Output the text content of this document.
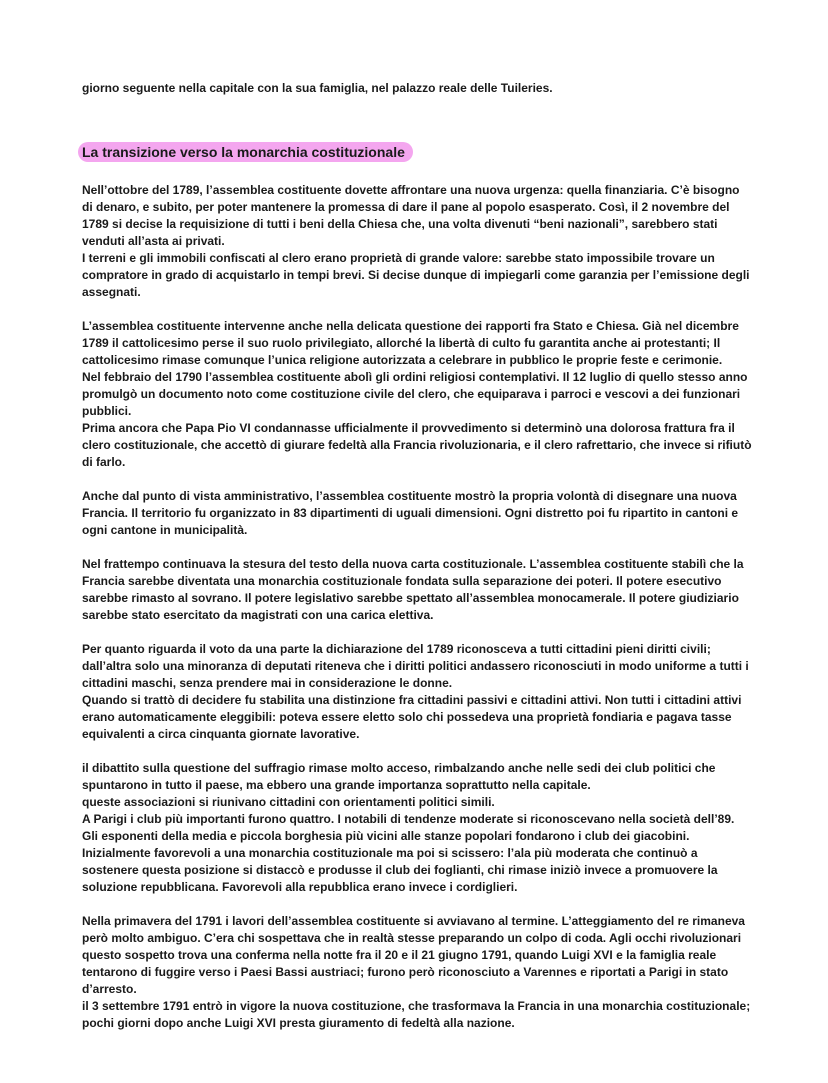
giorno seguente nella capitale con la sua famiglia, nel palazzo reale delle Tuileries.

La transizione verso la monarchia costituzionale
Nell’ottobre del 1789, l’assemblea costituente dovette affrontare una nuova urgenza: quella finanziaria. C’è bisogno di denaro, e subito, per poter mantenere la promessa di dare il pane al popolo esasperato. Così, il 2 novembre del 1789 si decise la requisizione di tutti i beni della Chiesa che, una volta divenuti “beni nazionali”, sarebbero stati venduti all’asta ai privati.
I terreni e gli immobili confiscati al clero erano proprietà di grande valore: sarebbe stato impossibile trovare un compratore in grado di acquistarlo in tempi brevi. Si decise dunque di impiegarli come garanzia per l’emissione degli assegnati.
L’assemblea costituente intervenne anche nella delicata questione dei rapporti fra Stato e Chiesa. Già nel dicembre 1789 il cattolicesimo perse il suo ruolo privilegiato, allorché la libertà di culto fu garantita anche ai protestanti; Il cattolicesimo rimase comunque l’unica religione autorizzata a celebrare in pubblico le proprie feste e cerimonie.
Nel febbraio del 1790 l’assemblea costituente abolì gli ordini religiosi contemplativi. Il 12 luglio di quello stesso anno promulgò un documento noto come costituzione civile del clero, che equiparava i parroci e vescovi a dei funzionari pubblici.
Prima ancora che Papa Pio VI condannasse ufficialmente il provvedimento si determinò una dolorosa frattura fra il clero costituzionale, che accettò di giurare fedeltà alla Francia rivoluzionaria, e il clero rafrettario, che invece si rifiutò di farlo.
Anche dal punto di vista amministrativo, l’assemblea costituente mostrò la propria volontà di disegnare una nuova Francia. Il territorio fu organizzato in 83 dipartimenti di uguali dimensioni. Ogni distretto poi fu ripartito in cantoni e ogni cantone in municipalità.
Nel frattempo continuava la stesura del testo della nuova carta costituzionale. L’assemblea costituente stabilì che la Francia sarebbe diventata una monarchia costituzionale fondata sulla separazione dei poteri. Il potere esecutivo sarebbe rimasto al sovrano. Il potere legislativo sarebbe spettato all’assemblea monocamerale. Il potere giudiziario sarebbe stato esercitato da magistrati con una carica elettiva.
Per quanto riguarda il voto da una parte la dichiarazione del 1789 riconosceva a tutti cittadini pieni diritti civili; dall’altra solo una minoranza di deputati riteneva che i diritti politici andassero riconosciuti in modo uniforme a tutti i cittadini maschi, senza prendere mai in considerazione le donne.
Quando si trattò di decidere fu stabilita una distinzione fra cittadini passivi e cittadini attivi. Non tutti i cittadini attivi erano automaticamente eleggibili: poteva essere eletto solo chi possedeva una proprietà fondiaria e pagava tasse equivalenti a circa cinquanta giornate lavorative.
il dibattito sulla questione del suffragio rimase molto acceso, rimbalzando anche nelle sedi dei club politici che spuntarono in tutto il paese, ma ebbero una grande importanza soprattutto nella capitale.
queste associazioni si riunivano cittadini con orientamenti politici simili.
A Parigi i club più importanti furono quattro. I notabili di tendenze moderate si riconoscevano nella società dell’89. Gli esponenti della media e piccola borghesia più vicini alle stanze popolari fondarono i club dei giacobini. Inizialmente favorevoli a una monarchia costituzionale ma poi si scissero: l’ala più moderata che continuò a sostenere questa posizione si distaccò e produsse il club dei foglianti, chi rimase iniziò invece a promuovere la soluzione repubblicana. Favorevoli alla repubblica erano invece i cordiglieri.
Nella primavera del 1791 i lavori dell’assemblea costituente si avviavano al termine. L’atteggiamento del re rimaneva però molto ambiguo. C’era chi sospettava che in realtà stesse preparando un colpo di coda. Agli occhi rivoluzionari questo sospetto trova una conferma nella notte fra il 20 e il 21 giugno 1791, quando Luigi XVI e la famiglia reale tentarono di fuggire verso i Paesi Bassi austriaci; furono però riconosciuto a Varennes e riportati a Parigi in stato d’arresto.
il 3 settembre 1791 entrò in vigore la nuova costituzione, che trasformava la Francia in una monarchia costituzionale; pochi giorni dopo anche Luigi XVI presta giuramento di fedeltà alla nazione.
